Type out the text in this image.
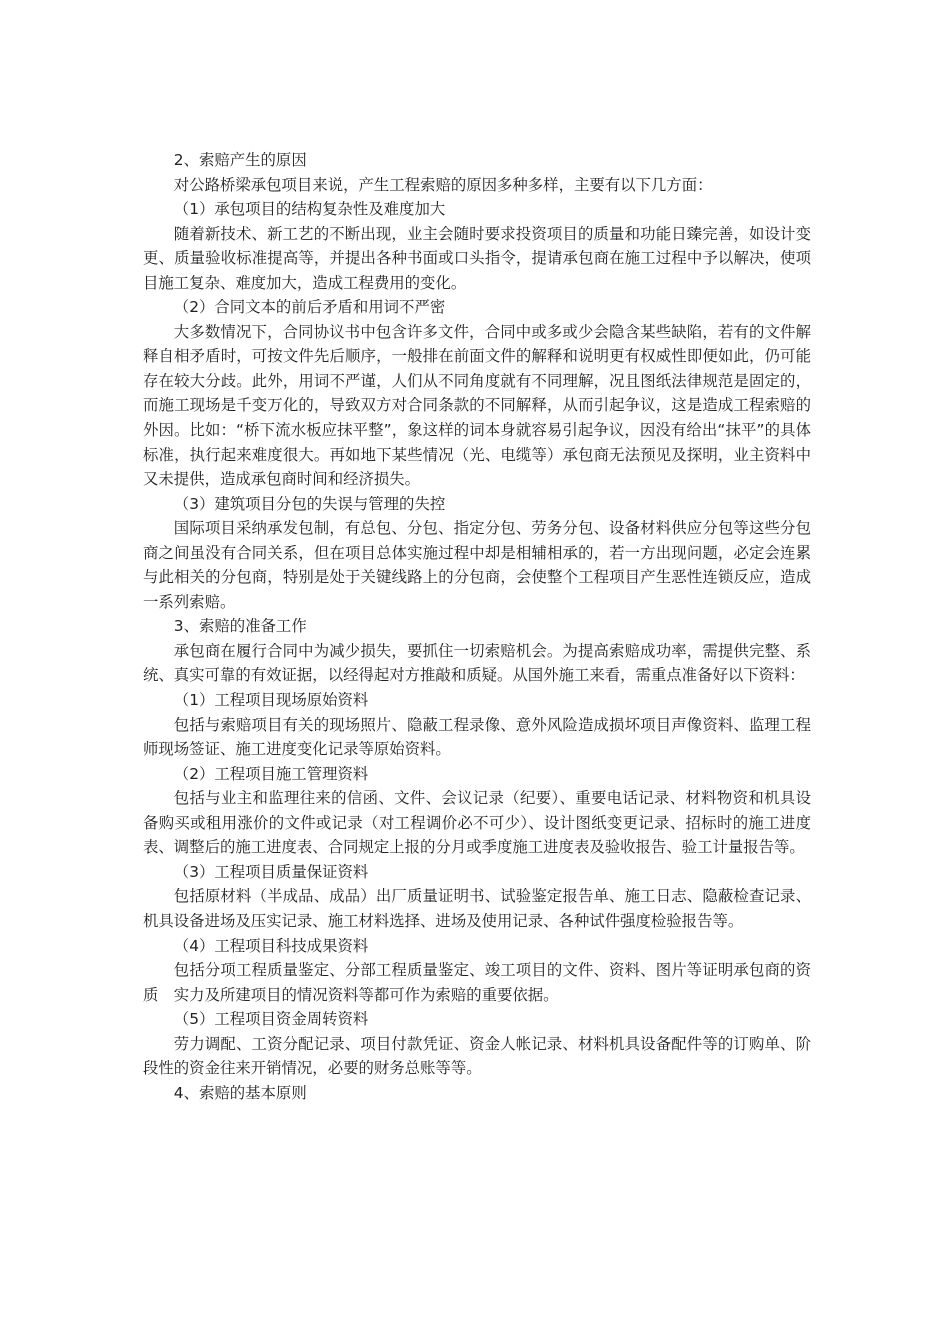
2、索赔产生的原因

对公路桥梁承包项目来说，产生工程索赔的原因多种多样，主要有以下几方面：

（1）承包项目的结构复杂性及难度加大

随着新技术、新工艺的不断出现，业主会随时要求投资项目的质量和功能日臻完善，如设计变更、质量验收标准提高等，并提出各种书面或口头指令，提请承包商在施工过程中予以解决，使项目施工复杂、难度加大，造成工程费用的变化。

（2）合同文本的前后矛盾和用词不严密

大多数情况下，合同协议书中包含许多文件，合同中或多或少会隐含某些缺陷，若有的文件解释自相矛盾时，可按文件先后顺序，一般排在前面文件的解释和说明更有权威性即便如此，仍可能存在较大分歧。此外，用词不严谨，人们从不同角度就有不同理解，况且图纸法律规范是固定的，而施工现场是千变万化的，导致双方对合同条款的不同解释，从而引起争议，这是造成工程索赔的外因。比如：“桥下流水板应抹平整”，象这样的词本身就容易引起争议，因没有给出“抹平”的具体标准，执行起来难度很大。再如地下某些情况（光、电缆等）承包商无法预见及探明，业主资料中又未提供，造成承包商时间和经济损失。

（3）建筑项目分包的失误与管理的失控

国际项目采纳承发包制，有总包、分包、指定分包、劳务分包、设备材料供应分包等这些分包商之间虽没有合同关系，但在项目总体实施过程中却是相辅相承的，若一方出现问题，必定会连累与此相关的分包商，特别是处于关键线路上的分包商，会使整个工程项目产生恶性连锁反应，造成一系列索赔。

3、索赔的准备工作

承包商在履行合同中为减少损失，要抓住一切索赔机会。为提高索赔成功率，需提供完整、系统、真实可靠的有效证据，以经得起对方推敲和质疑。从国外施工来看，需重点准备好以下资料：

（1）工程项目现场原始资料

包括与索赔项目有关的现场照片、隐蔽工程录像、意外风险造成损坏项目声像资料、监理工程师现场签证、施工进度变化记录等原始资料。

（2）工程项目施工管理资料

包括与业主和监理往来的信函、文件、会议记录（纪要）、重要电话记录、材料物资和机具设备购买或租用涨价的文件或记录（对工程调价必不可少）、设计图纸变更记录、招标时的施工进度表、调整后的施工进度表、合同规定上报的分月或季度施工进度表及验收报告、验工计量报告等。

（3）工程项目质量保证资料

包括原材料（半成品、成品）出厂质量证明书、试验鉴定报告单、施工日志、隐蔽检查记录、机具设备进场及压实记录、施工材料选择、进场及使用记录、各种试件强度检验报告等。

（4）工程项目科技成果资料

包括分项工程质量鉴定、分部工程质量鉴定、竣工项目的文件、资料、图片等证明承包商的资质　实力及所建项目的情况资料等都可作为索赔的重要依据。

（5）工程项目资金周转资料

劳力调配、工资分配记录、项目付款凭证、资金人帐记录、材料机具设备配件等的订购单、阶段性的资金往来开销情况，必要的财务总账等等。

4、索赔的基本原则
